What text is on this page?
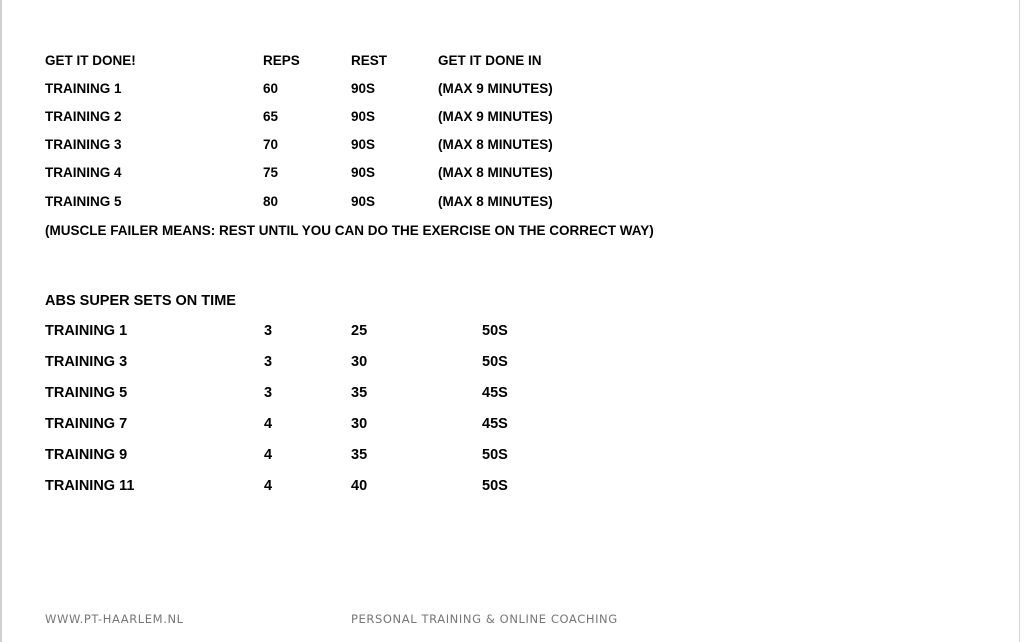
GET IT DONE!	REPS	REST	GET IT DONE IN
TRAINING 1	60	90S	(MAX 9 MINUTES)
TRAINING 2	65	90S	(MAX 9 MINUTES)
TRAINING 3	70	90S	(MAX 8 MINUTES)
TRAINING 4	75	90S	(MAX 8 MINUTES)
TRAINING 5	80	90S	(MAX 8 MINUTES)
(MUSCLE FAILER MEANS: REST UNTIL YOU CAN DO THE EXERCISE ON THE CORRECT WAY)
ABS SUPER SETS ON TIME
TRAINING 1	3	25	50S
TRAINING 3	3	30	50S
TRAINING 5	3	35	45S
TRAINING 7	4	30	45S
TRAINING 9	4	35	50S
TRAINING 11	4	40	50S
WWW.PT-HAARLEM.NL	PERSONAL TRAINING & ONLINE COACHING
